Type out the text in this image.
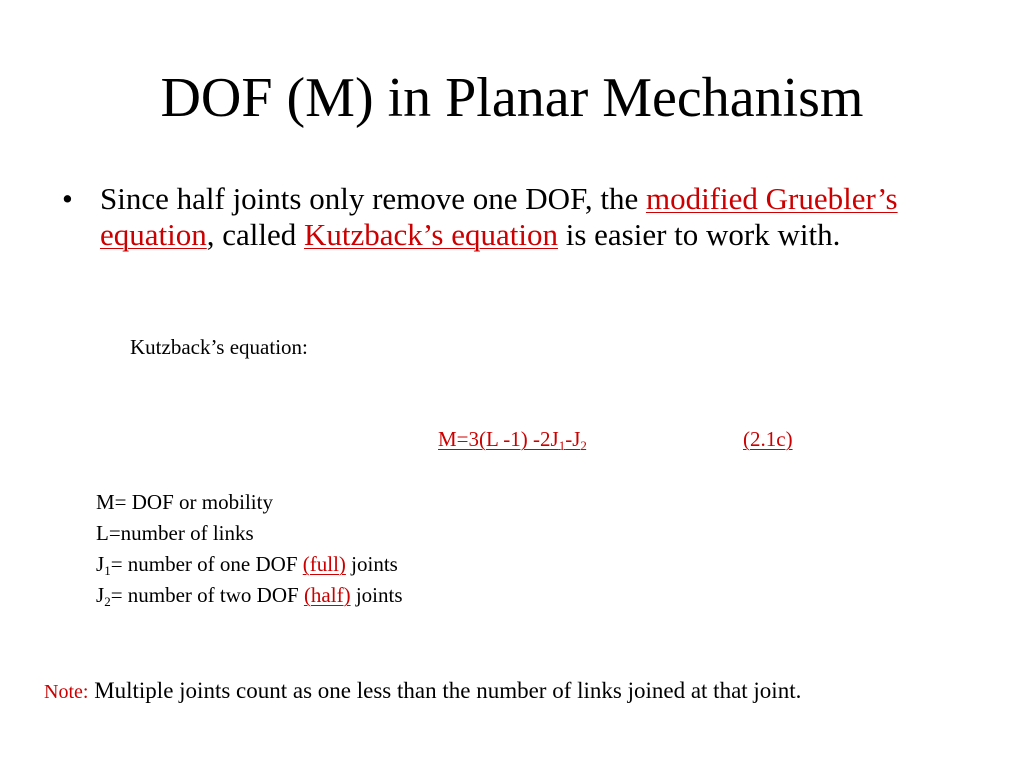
DOF (M) in Planar Mechanism
• Since half joints only remove one DOF, the modified Gruebler’s equation, called Kutzback’s equation is easier to work with.
Kutzback’s equation:
M=3(L -1) $-2J_1-J_2$	(2.1c)
M= DOF or mobility
L=number of links
$J_1=$ number of one DOF (full) joints
$J_2=$ number of two DOF (half) joints
Note: Multiple joints count as one less than the number of links joined at that joint.
